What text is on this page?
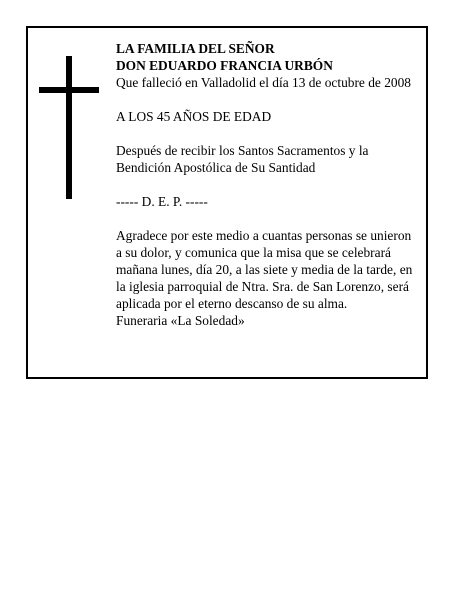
LA FAMILIA DEL SEÑOR

DON EDUARDO FRANCIA URBÓN

Que falleció en Valladolid el día 13 de octubre de 2008

A LOS 45 AÑOS DE EDAD

Después de recibir los Santos Sacramentos y la

Bendición Apostólica de Su Santidad

----- D. E. P. -----

Agradece por este medio a cuantas personas se unieron

a su dolor, y comunica que la misa que se celebrará

mañana lunes, día 20, a las siete y media de la tarde, en

la iglesia parroquial de Ntra. Sra. de San Lorenzo, será

aplicada por el eterno descanso de su alma.

Funeraria «La Soledad»
